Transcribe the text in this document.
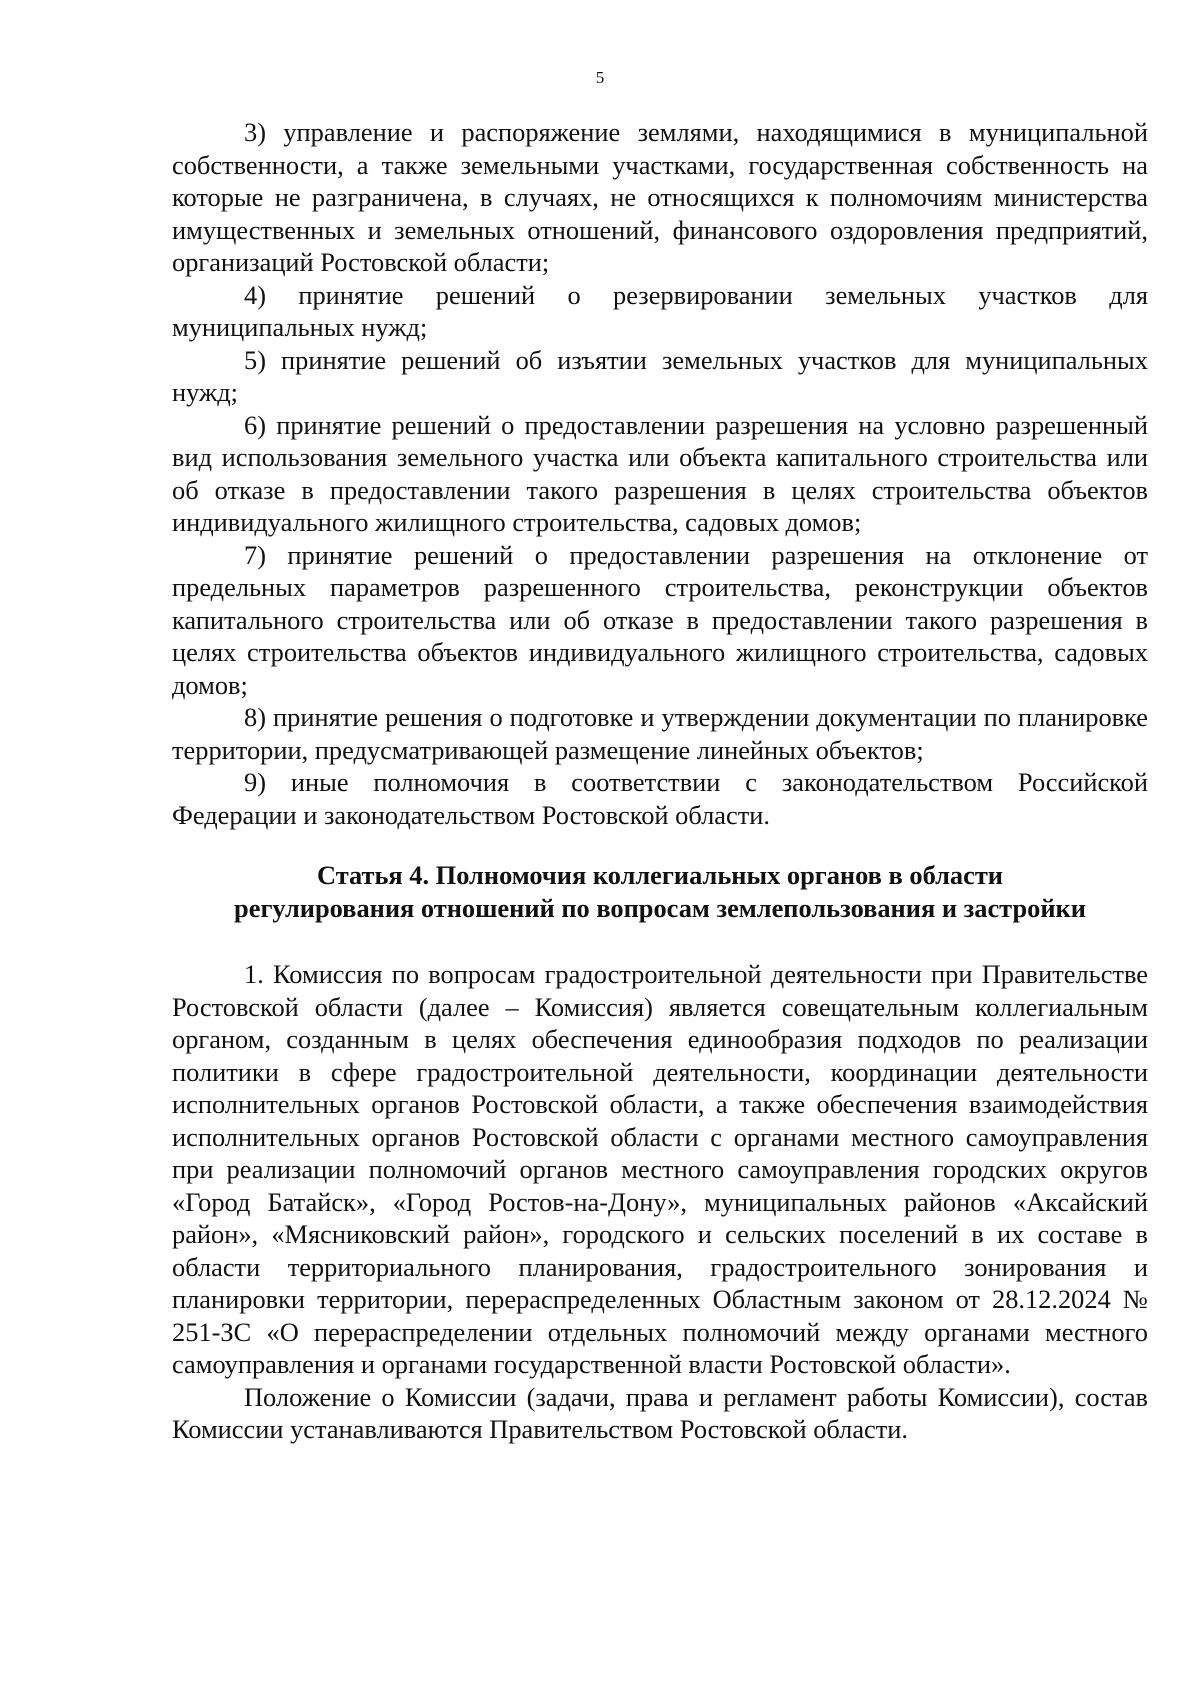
5

3) управление и распоряжение землями, находящимися в муниципальной собственности, а также земельными участками, государственная собственность на которые не разграничена, в случаях, не относящихся к полномочиям министерства имущественных и земельных отношений, финансового оздоровления предприятий, организаций Ростовской области;

4) принятие решений о резервировании земельных участков для муниципальных нужд;

5) принятие решений об изъятии земельных участков для муниципальных нужд;

6) принятие решений о предоставлении разрешения на условно разрешенный вид использования земельного участка или объекта капитального строительства или об отказе в предоставлении такого разрешения в целях строительства объектов индивидуального жилищного строительства, садовых домов;

7) принятие решений о предоставлении разрешения на отклонение от предельных параметров разрешенного строительства, реконструкции объектов капитального строительства или об отказе в предоставлении такого разрешения в целях строительства объектов индивидуального жилищного строительства, садовых домов;

8) принятие решения о подготовке и утверждении документации по планировке территории, предусматривающей размещение линейных объектов;

9) иные полномочия в соответствии с законодательством Российской Федерации и законодательством Ростовской области.

Статья 4. Полномочия коллегиальных органов в области
регулирования отношений по вопросам землепользования и застройки

1. Комиссия по вопросам градостроительной деятельности при Правительстве Ростовской области (далее – Комиссия) является совещательным коллегиальным органом, созданным в целях обеспечения единообразия подходов по реализации политики в сфере градостроительной деятельности, координации деятельности исполнительных органов Ростовской области, а также обеспечения взаимодействия исполнительных органов Ростовской области с органами местного самоуправления при реализации полномочий органов местного самоуправления городских округов «Город Батайск», «Город Ростов-на-Дону», муниципальных районов «Аксайский район», «Мясниковский район», городского и сельских поселений в их составе в области территориального планирования, градостроительного зонирования и планировки территории, перераспределенных Областным законом от 28.12.2024 № 251-ЗС «О перераспределении отдельных полномочий между органами местного самоуправления и органами государственной власти Ростовской области».

Положение о Комиссии (задачи, права и регламент работы Комиссии), состав Комиссии устанавливаются Правительством Ростовской области.
